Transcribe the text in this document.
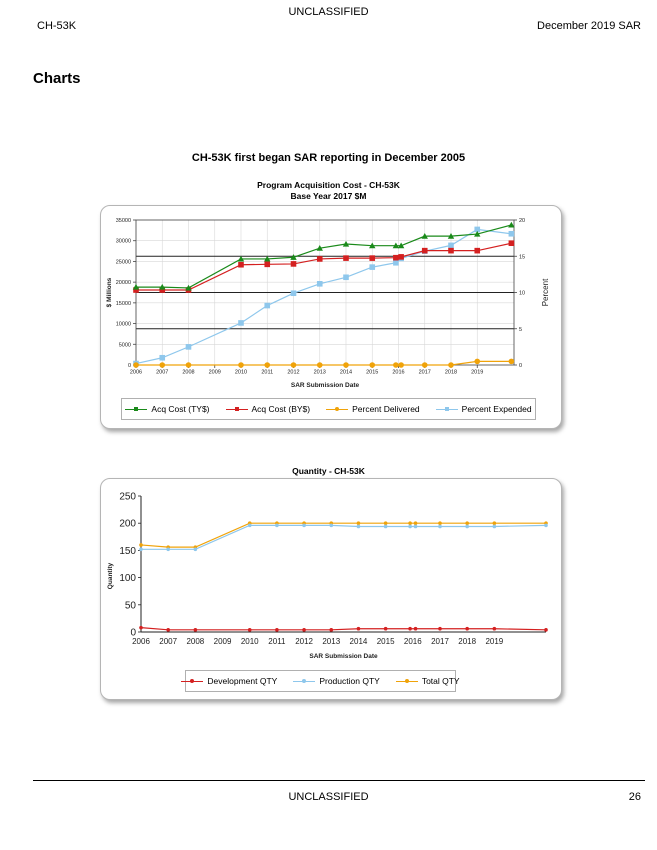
UNCLASSIFIED
CH-53K	December 2019 SAR
Charts
CH-53K first began SAR reporting in December 2005
Program Acquisition Cost - CH-53K
Base Year 2017 $M
0
5000
10000
15000
20000
25000
30000
35000
0
5
10
15
20
2006	2007	2008	2009	2010	2011	2012	2013	2014	2015	2016	2017	2018	2019
SAR Submission Date
$ Millions	Percent
Acq Cost (TY$)	Acq Cost (BY$)	Percent Delivered	Percent Expended
Quantity - CH-53K
0
50
100
150
200
250
2006 2007 2008 2009 2010 2011 2012 2013 2014 2015 2016 2017 2018 2019
SAR Submission Date
Quantity
Development QTY	Production QTY	Total QTY
UNCLASSIFIED	26
